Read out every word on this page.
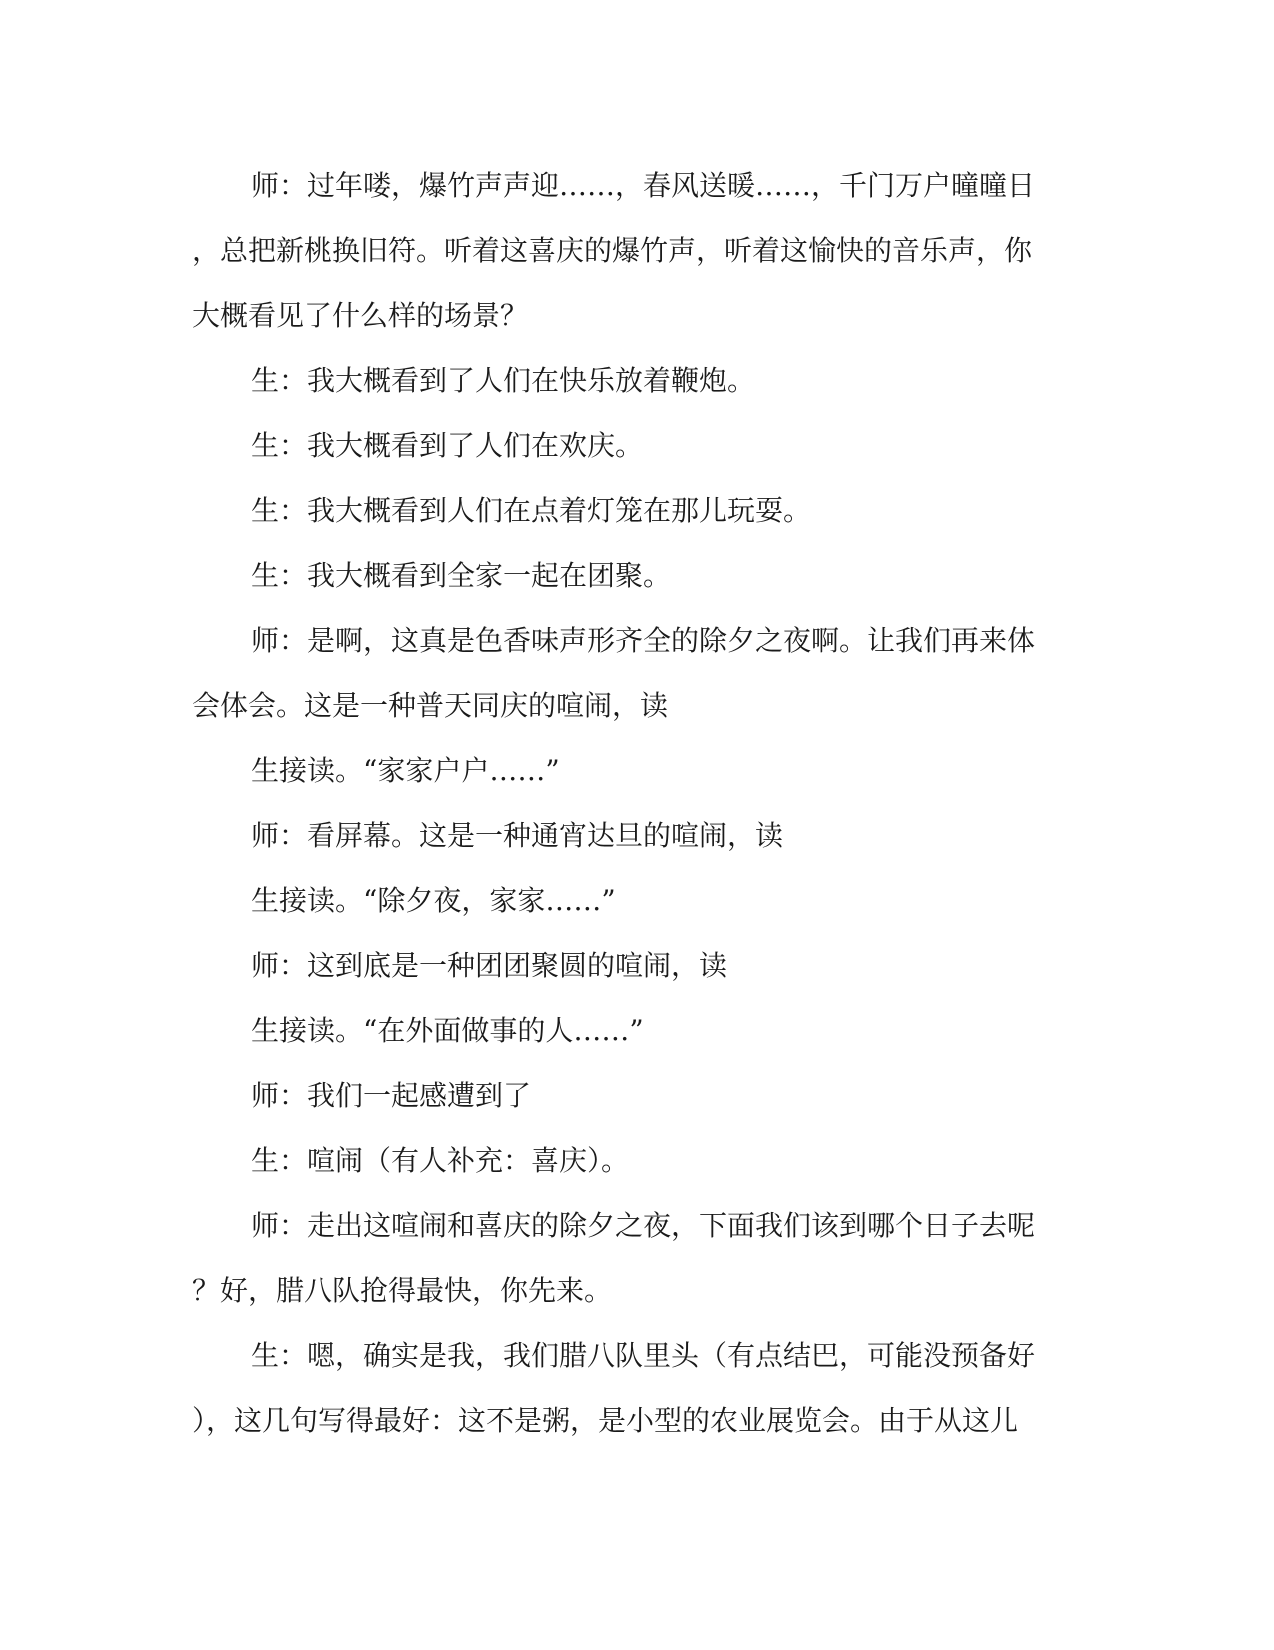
师：过年喽，爆竹声声迎……，春风送暖……，千门万户曈曈日
，总把新桃换旧符。听着这喜庆的爆竹声，听着这愉快的音乐声，你
大概看见了什么样的场景？
生：我大概看到了人们在快乐放着鞭炮。
生：我大概看到了人们在欢庆。
生：我大概看到人们在点着灯笼在那儿玩耍。
生：我大概看到全家一起在团聚。
师：是啊，这真是色香味声形齐全的除夕之夜啊。让我们再来体
会体会。这是一种普天同庆的喧闹，读
生接读。“家家户户……”
师：看屏幕。这是一种通宵达旦的喧闹，读
生接读。“除夕夜，家家……”
师：这到底是一种团团聚圆的喧闹，读
生接读。“在外面做事的人……”
师：我们一起感遭到了
生：喧闹（有人补充：喜庆）。
师：走出这喧闹和喜庆的除夕之夜，下面我们该到哪个日子去呢
？好，腊八队抢得最快，你先来。
生：嗯，确实是我，我们腊八队里头（有点结巴，可能没预备好
），这几句写得最好：这不是粥，是小型的农业展览会。由于从这儿
